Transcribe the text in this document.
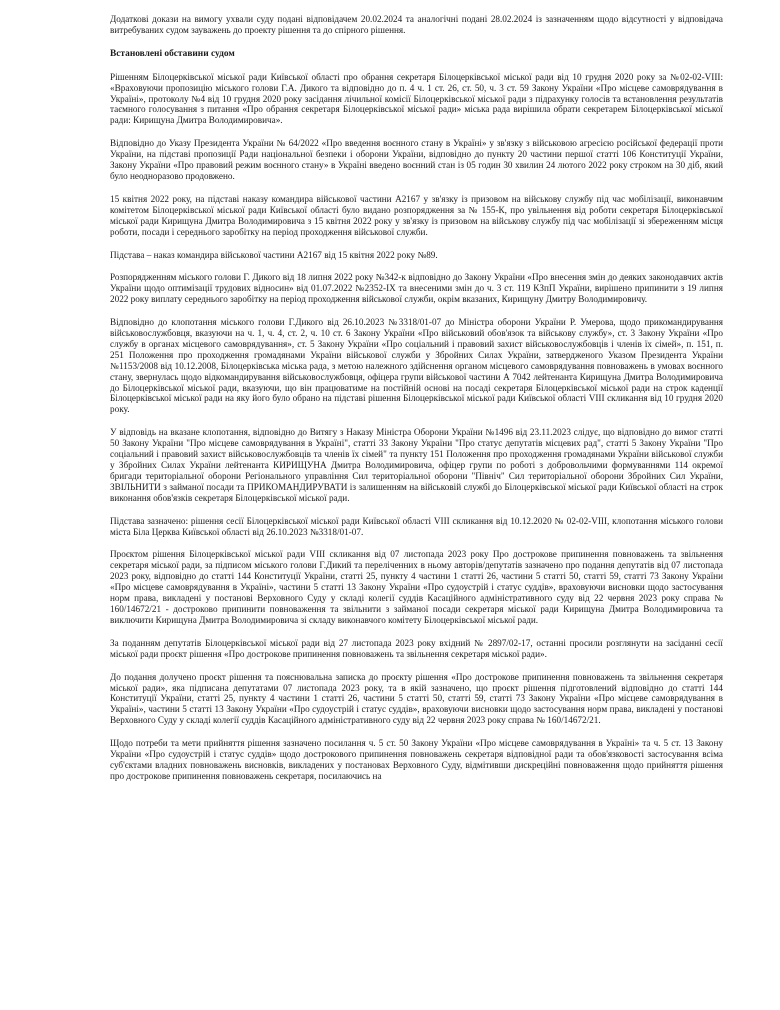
Додаткові докази на вимогу ухвали суду подані відповідачем 20.02.2024 та аналогічні подані 28.02.2024 із зазначенням щодо відсутності у відповідача витребуваних судом зауважень до проекту рішення та до спірного рішення.

Встановлені обставини судом

Рішенням Білоцерківської міської ради Київської області про обрання секретаря Білоцерківської міської ради від 10 грудня 2020 року за №02-02-VIII: «Враховуючи пропозицію міського голови Г.А. Дикого та відповідно до п. 4 ч. 1 ст. 26, ст. 50, ч. 3 ст. 59 Закону України «Про місцеве самоврядування в Україні», протоколу №4 від 10 грудня 2020 року засідання лічильної комісії Білоцерківської міської ради з підрахунку голосів та встановлення результатів таємного голосування з питання «Про обрання секретаря Білоцерківської міської ради» міська рада вирішила обрати секретарем Білоцерківської міської ради: Кирищуна Дмитра Володимировича».

Відповідно до Указу Президента України № 64/2022 «Про введення воєнного стану в Україні» у зв'язку з військовою агресією російської федерації проти України, на підставі пропозиції Ради національної безпеки і оборони України, відповідно до пункту 20 частини першої статті 106 Конституції України, Закону України «Про правовий режим воєнного стану» в Україні введено воєнний стан із 05 годин 30 хвилин 24 лютого 2022 року строком на 30 діб, який було неодноразово продовжено.

15 квітня 2022 року, на підставі наказу командира військової частини А2167 у зв'язку із призовом на військову службу під час мобілізації, виконавчим комітетом Білоцерківської міської ради Київської області було видано розпорядження за № 155-К, про увільнення від роботи секретаря Білоцерківської міської ради Кирищуна Дмитра Володимировича з 15 квітня 2022 року у зв'язку із призовом на військову службу під час мобілізації зі збереженням місця роботи, посади і середнього заробітку на період проходження військової служби.

Підстава – наказ командира військової частини А2167 від 15 квітня 2022 року №89.

Розпорядженням міського голови Г. Дикого від 18 липня 2022 року №342-к відповідно до Закону України «Про внесення змін до деяких законодавчих актів України щодо оптимізації трудових відносин» від 01.07.2022 №2352-IX та внесеними змін до ч. 3 ст. 119 КЗпП України, вирішено припинити з 19 липня 2022 року виплату середнього заробітку на період проходження військової служби, окрім вказаних, Кирищуну Дмитру Володимировичу.

Відповідно до клопотання міського голови Г.Дикого від 26.10.2023 №3318/01-07 до Міністра оборони України Р. Умерова, щодо прикомандирування військовослужбовця, вказуючи на ч. 1, ч. 4, ст. 2, ч. 10 ст. 6 Закону України «Про військовий обов'язок та військову службу», ст. 3 Закону України «Про службу в органах місцевого самоврядування», ст. 5 Закону України «Про соціальний і правовий захист військовослужбовців і членів їх сімей», п. 151, п. 251 Положення про проходження громадянами України військової служби у Збройних Силах України, затвердженого Указом Президента України №1153/2008 від 10.12.2008, Білоцерківська міська рада, з метою належного здійснення органом місцевого самоврядування повноважень в умовах воєнного стану, звернулась щодо відкомандирування військовослужбовця, офіцера групи військової частини А 7042 лейтенанта Кирищуна Дмитра Володимировича до Білоцерківської міської ради, вказуючи, що він працюватиме на постійній основі на посаді секретаря Білоцерківської міської ради на строк каденції Білоцерківської міської ради на яку його було обрано на підставі рішення Білоцерківської міської ради Київської області VIII скликання від 10 грудня 2020 року.

У відповідь на вказане клопотання, відповідно до Витягу з Наказу Міністра Оборони України №1496 від 23.11.2023 слідує, що відповідно до вимог статті 50 Закону України "Про місцеве самоврядування в Україні", статті 33 Закону України "Про статус депутатів місцевих рад", статті 5 Закону України "Про соціальний і правовий захист військовослужбовців та членів їх сімей" та пункту 151 Положення про проходження громадянами України військової служби у Збройних Силах України лейтенанта КИРИЩУНА Дмитра Володимировича, офіцер групи по роботі з добровольчими формуваннями 114 окремої бригади територіальної оборони Регіонального управління Сил територіальної оборони "Північ" Сил територіальної оборони Збройних Сил України, ЗВІЛЬНИТИ з займаної посади та ПРИКОМАНДИРУВАТИ із залишенням на військовій службі до Білоцерківської міської ради Київської області на строк виконання обов'язків секретаря Білоцерківської міської ради.

Підстава зазначено: рішення сесії Білоцерківської міської ради Київської області VIII скликання від 10.12.2020 № 02-02-VIII, клопотання міського голови міста Біла Церква Київської області від 26.10.2023 №3318/01-07.

Проєктом рішення Білоцерківської міської ради VIII скликання від 07 листопада 2023 року Про дострокове припинення повноважень та звільнення секретаря міської ради, за підписом міського голови Г.Дикий та переліченних в ньому авторів/депутатів зазначено про подання депутатів від 07 листопада 2023 року, відповідно до статті 144 Конституції України, статті 25, пункту 4 частини 1 статті 26, частини 5 статті 50, статті 59, статті 73 Закону України «Про місцеве самоврядування в Україні», частини 5 статті 13 Закону України «Про судоустрій і статус суддів», враховуючи висновки щодо застосування норм права, викладені у постанові Верховного Суду у складі колегії суддів Касаційного адміністративного суду від 22 червня 2023 року справа № 160/14672/21 - достроково припинити повноваження та звільнити з займаної посади секретаря міської ради Кирищуна Дмитра Володимировича та виключити Кирищуна Дмитра Володимировича зі складу виконавчого комітету Білоцерківської міської ради.

За поданням депутатів Білоцерківської міської ради від 27 листопада 2023 року вхідний № 2897/02-17, останні просили розглянути на засіданні сесії міської ради проєкт рішення «Про дострокове припинення повноважень та звільнення секретаря міської ради».

До подання долучено проєкт рішення та пояснювальна записка до проєкту рішення «Про дострокове припинення повноважень та звільнення секретаря міської ради», яка підписана депутатами 07 листопада 2023 року, та в якій зазначено, що проєкт рішення підготовлений відповідно до статті 144 Конституції України, статті 25, пункту 4 частини 1 статті 26, частини 5 статті 50, статті 59, статті 73 Закону України «Про місцеве самоврядування в Україні», частини 5 статті 13 Закону України «Про судоустрій і статус суддів», враховуючи висновки щодо застосування норм права, викладені у постанові Верховного Суду у складі колегії суддів Касаційного адміністративного суду від 22 червня 2023 року справа № 160/14672/21.

Щодо потреби та мети прийняття рішення зазначено посилання ч. 5 ст. 50 Закону України «Про місцеве самоврядування в Україні» та ч. 5 ст. 13 Закону України «Про судоустрій і статус суддів» щодо дострокового припинення повноважень секретаря відповідної ради та обов'язковості застосування всіма суб'єктами владних повноважень висновків, викладених у постановах Верховного Суду, відмітивши дискреційні повноваження щодо прийняття рішення про дострокове припинення повноважень секретаря, посилаючись на
